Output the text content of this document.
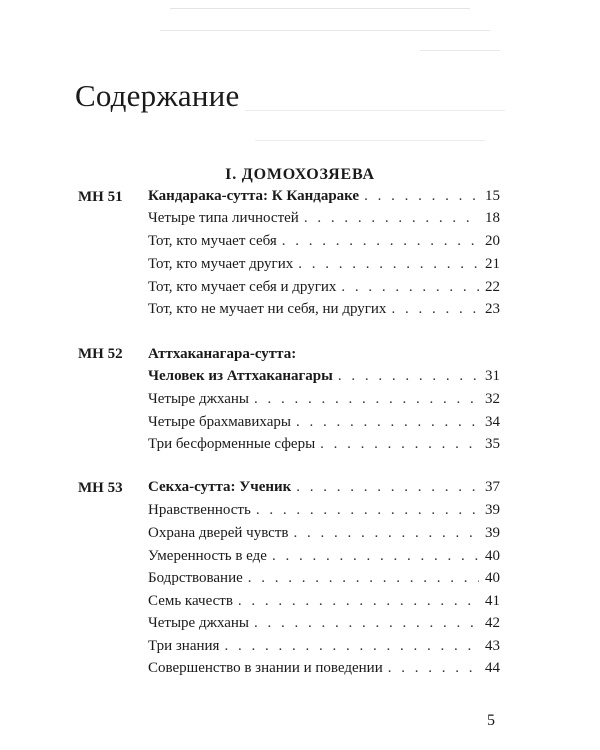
Содержание
I. ДОМОХОЗЯЕВА
МН 51 Кандарака-сутта: К Кандараке . . .	15
Четыре типа личностей . . .	18
Тот, кто мучает себя . . .	20
Тот, кто мучает других . . .	21
Тот, кто мучает себя и других . . .	22
Тот, кто не мучает ни себя, ни других . . .	23
МН 52 Аттхаканагара-сутта:
Человек из Аттхаканагары . . .	31
Четыре джханы . . .	32
Четыре брахмавихары . . .	34
Три бесформенные сферы . . .	35
МН 53 Секха-сутта: Ученик . . .	37
Нравственность . . .	39
Охрана дверей чувств . . .	39
Умеренность в еде . . .	40
Бодрствование . . .	40
Семь качеств . . .	41
Четыре джханы . . .	42
Три знания . . .	43
Совершенство в знании и поведении . . .	44
5
